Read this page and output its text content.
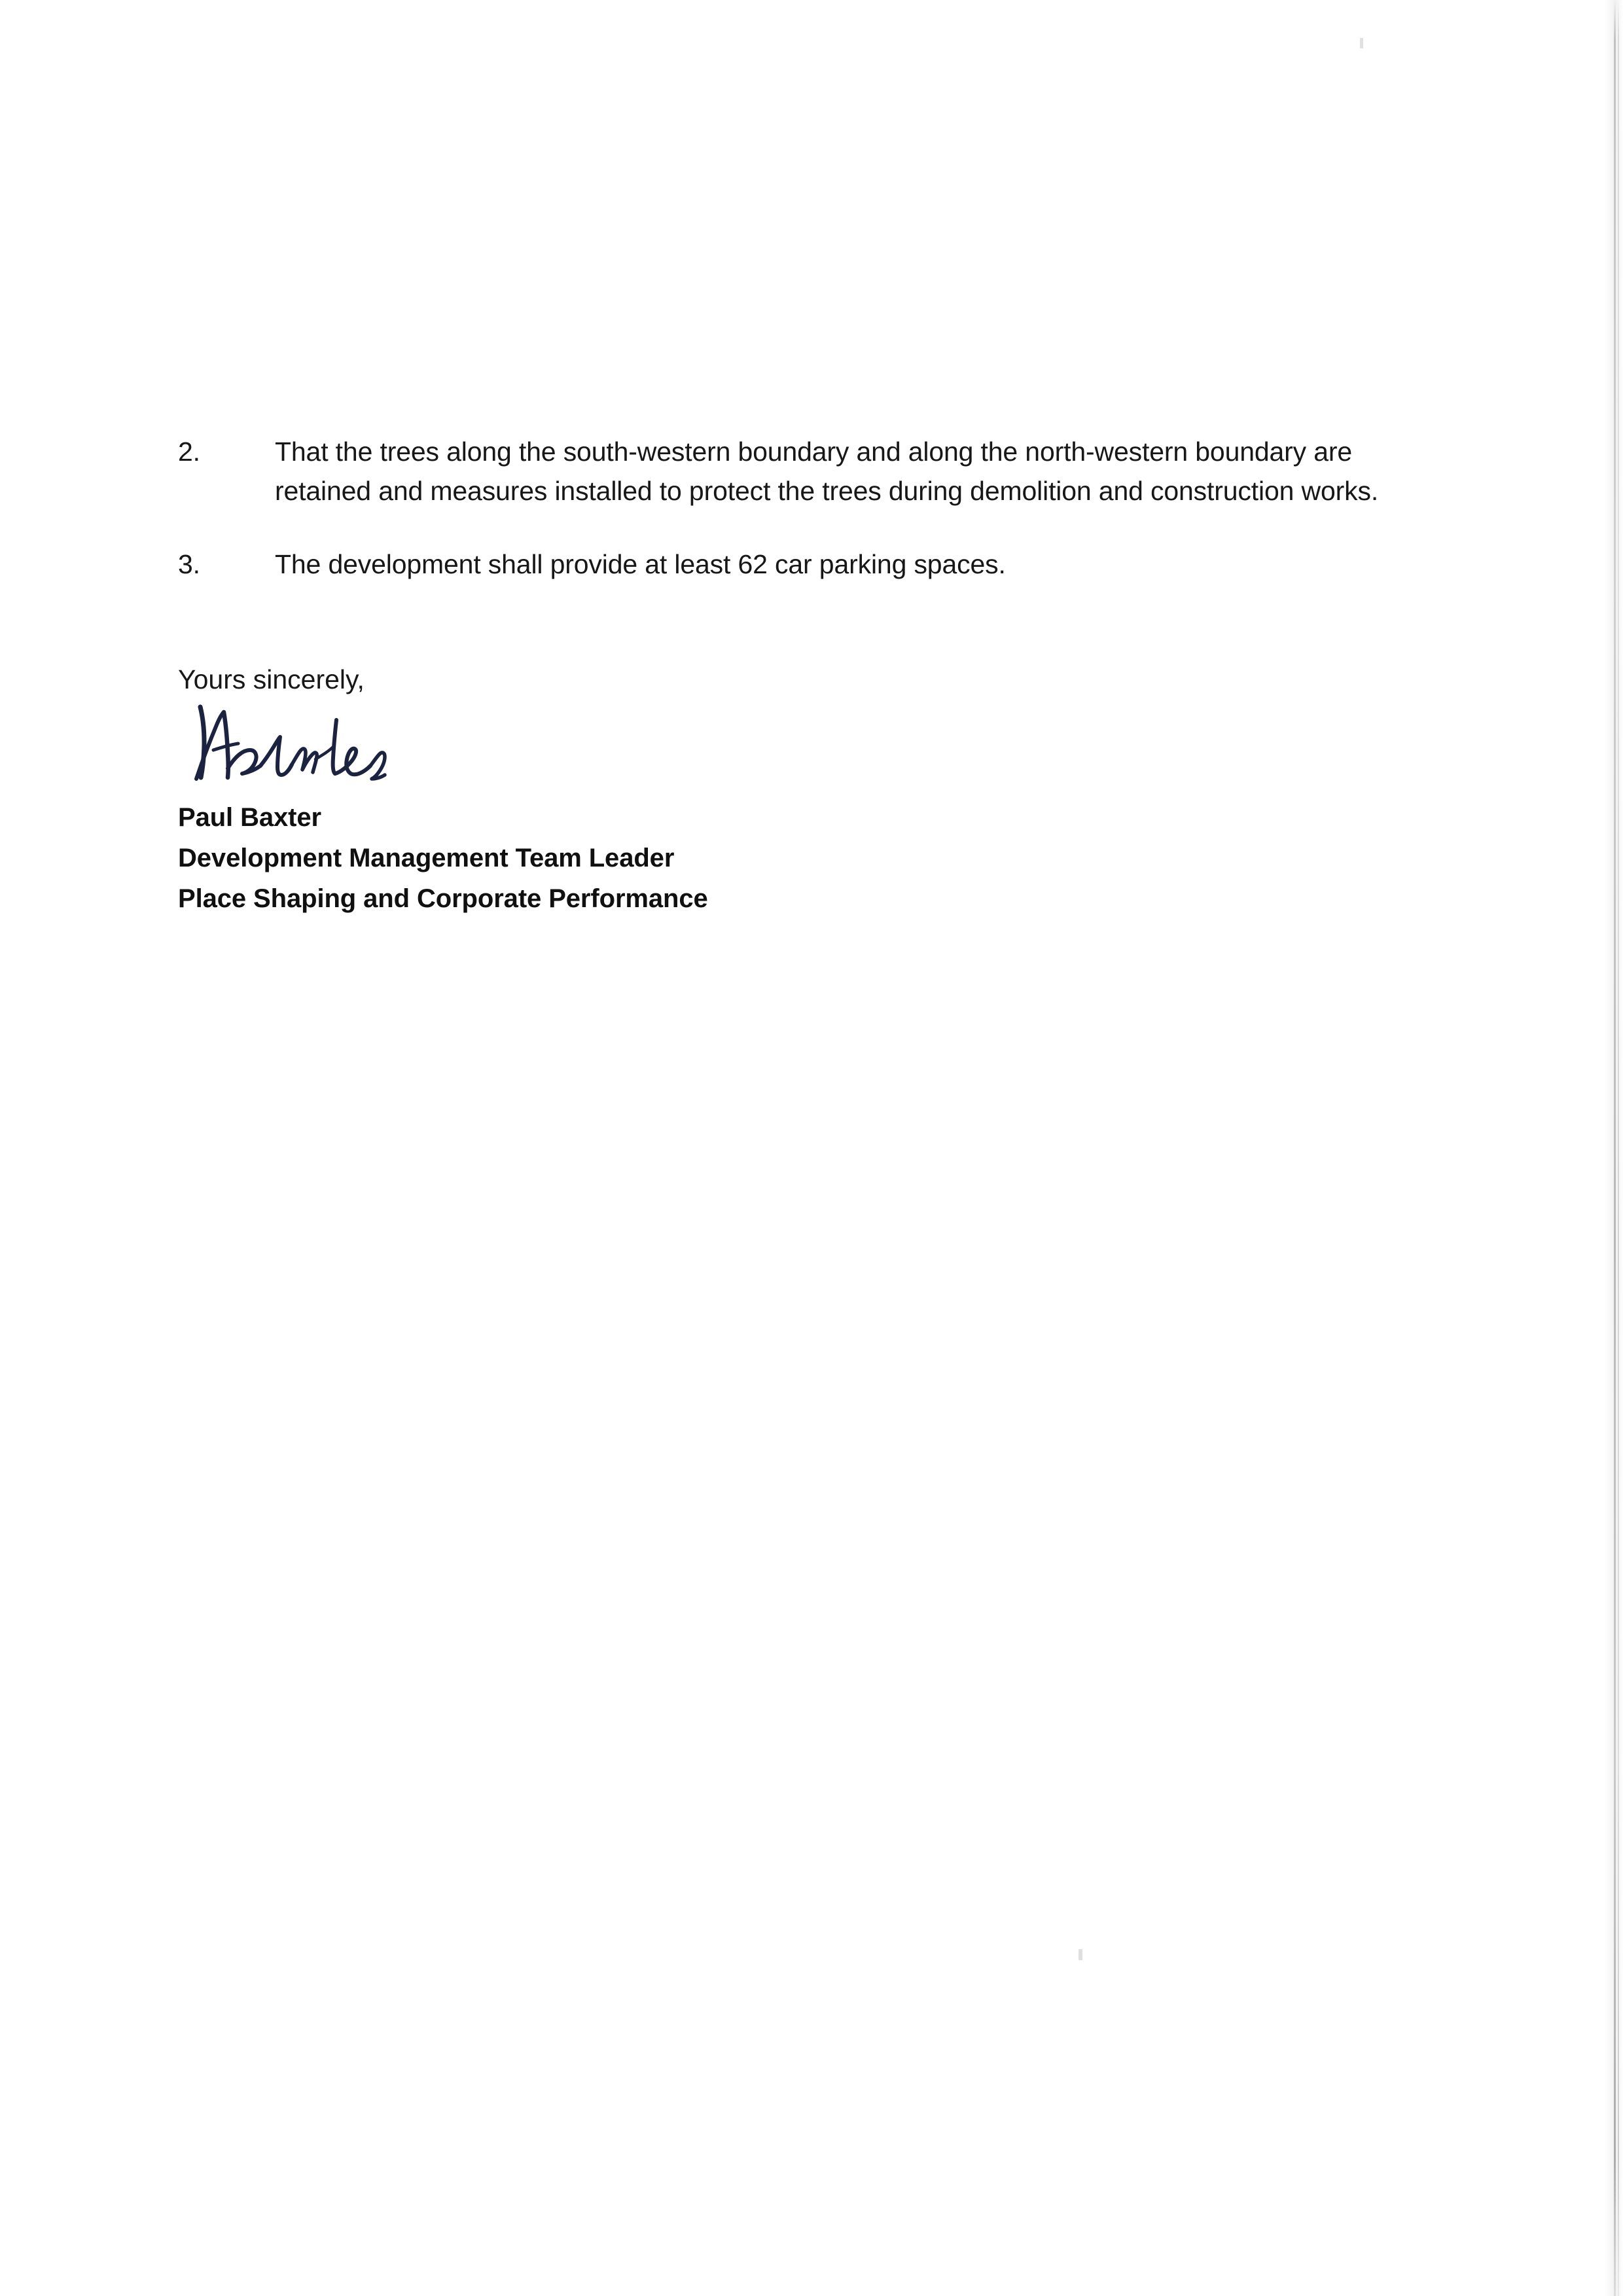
2.	That the trees along the south-western boundary and along the north-western boundary are retained and measures installed to protect the trees during demolition and construction works.
3.	The development shall provide at least 62 car parking spaces.
Yours sincerely,
Paul Baxter
Development Management Team Leader
Place Shaping and Corporate Performance
